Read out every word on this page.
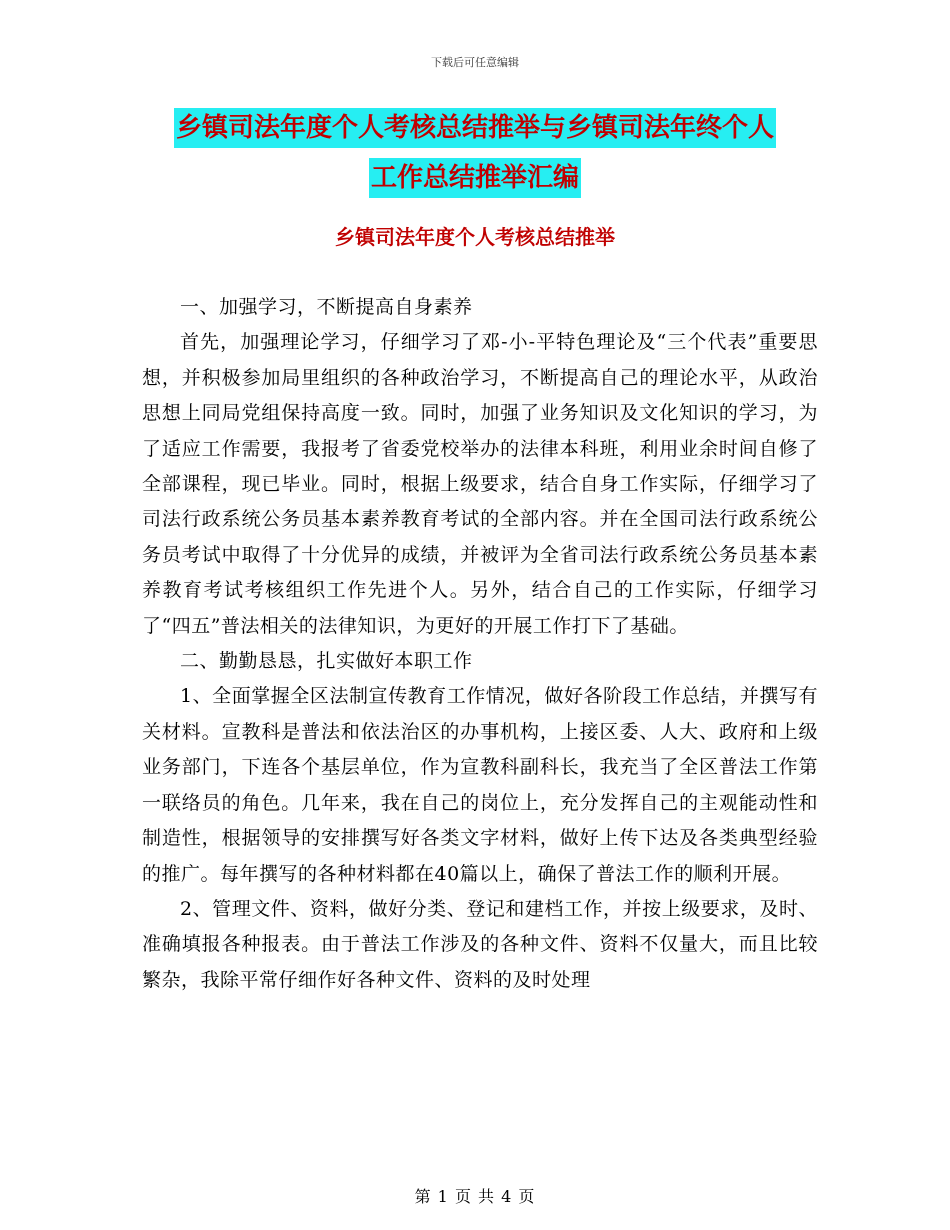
下载后可任意编辑
乡镇司法年度个人考核总结推举与乡镇司法年终个人
工作总结推举汇编
乡镇司法年度个人考核总结推举

一、加强学习，不断提高自身素养

首先，加强理论学习，仔细学习了邓-小-平特色理论及“三个代表”重要思想，并积极参加局里组织的各种政治学习，不断提高自己的理论水平，从政治思想上同局党组保持高度一致。同时，加强了业务知识及文化知识的学习，为了适应工作需要，我报考了省委党校举办的法律本科班，利用业余时间自修了全部课程，现已毕业。同时，根据上级要求，结合自身工作实际，仔细学习了司法行政系统公务员基本素养教育考试的全部内容。并在全国司法行政系统公务员考试中取得了十分优异的成绩，并被评为全省司法行政系统公务员基本素养教育考试考核组织工作先进个人。另外，结合自己的工作实际，仔细学习了“四五”普法相关的法律知识，为更好的开展工作打下了基础。

二、勤勤恳恳，扎实做好本职工作

1、全面掌握全区法制宣传教育工作情况，做好各阶段工作总结，并撰写有关材料。宣教科是普法和依法治区的办事机构，上接区委、人大、政府和上级业务部门，下连各个基层单位，作为宣教科副科长，我充当了全区普法工作第一联络员的角色。几年来，我在自己的岗位上，充分发挥自己的主观能动性和制造性，根据领导的安排撰写好各类文字材料，做好上传下达及各类典型经验的推广。每年撰写的各种材料都在40篇以上，确保了普法工作的顺利开展。

2、管理文件、资料，做好分类、登记和建档工作，并按上级要求，及时、准确填报各种报表。由于普法工作涉及的各种文件、资料不仅量大，而且比较繁杂，我除平常仔细作好各种文件、资料的及时处理

第 1 页 共 4 页
